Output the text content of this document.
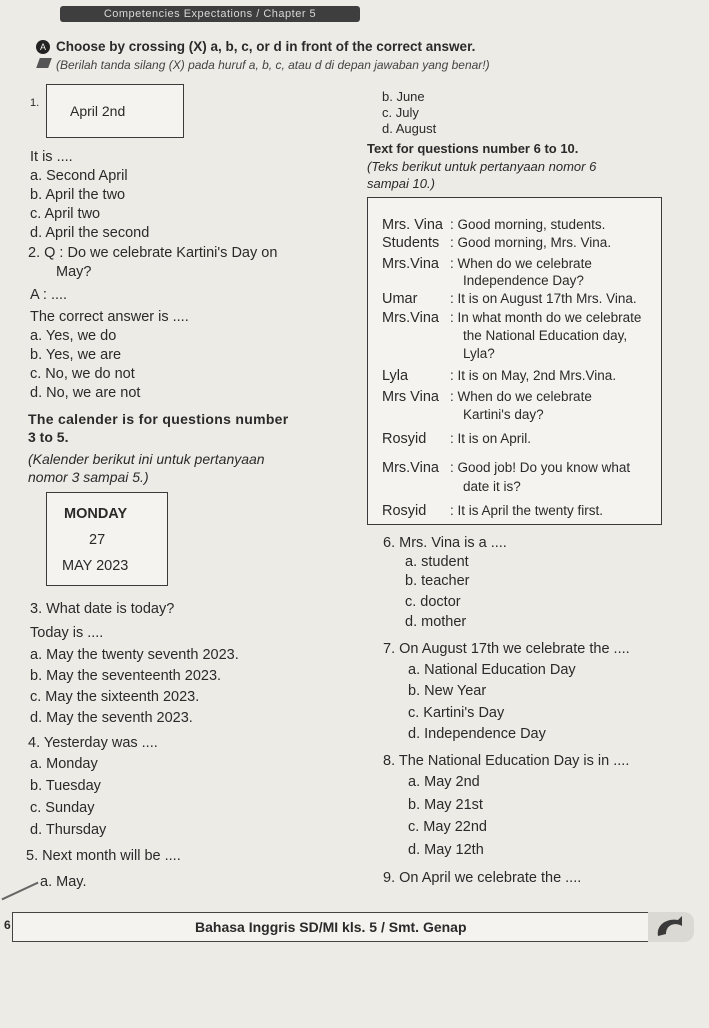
Competencies Expectations / Chapter 5
A Choose by crossing (X) a, b, c, or d in front of the correct answer.
(Berilah tanda silang (X) pada huruf a, b, c, atau d di depan jawaban yang benar!)
1. April 2nd
It is ....
a. Second April
b. April the two
c. April two
d. April the second
b. June
c. July
d. August
2. Q : Do we celebrate Kartini's Day on
May?
A : ....
The correct answer is ....
a. Yes, we do
b. Yes, we are
c. No, we do not
d. No, we are not
The calender is for questions number
3 to 5.
(Kalender berikut ini untuk pertanyaan
nomor 3 sampai 5.)
MONDAY
27
MAY 2023
3. What date is today?
Today is ....
a. May the twenty seventh 2023.
b. May the seventeenth 2023.
c. May the sixteenth 2023.
d. May the seventh 2023.
4. Yesterday was ....
a. Monday
b. Tuesday
c. Sunday
d. Thursday
5. Next month will be ....
a. May.
Text for questions number 6 to 10.
(Teks berikut untuk pertanyaan nomor 6
sampai 10.)
Mrs. Vina : Good morning, students.
Students : Good morning, Mrs. Vina.
Mrs.Vina : When do we celebrate
Independence Day?
Umar : It is on August 17th Mrs. Vina.
Mrs.Vina : In what month do we celebrate
the National Education day,
Lyla?
Lyla	: It is on May, 2nd Mrs.Vina.
Mrs Vina : When do we celebrate
Kartini's day?
Rosyid : It is on April.
Mrs.Vina : Good job! Do you know what
date it is?
Rosyid : It is April the twenty first.
6. Mrs. Vina is a ....
a. student
b. teacher
c. doctor
d. mother
7. On August 17th we celebrate the ....
a. National Education Day
b. New Year
c. Kartini's Day
d. Independence Day
8. The National Education Day is in ....
a. May 2nd
b. May 21st
c. May 22nd
d. May 12th
9. On April we celebrate the ....
6	Bahasa Inggris SD/MI kls. 5 / Smt. Genap
